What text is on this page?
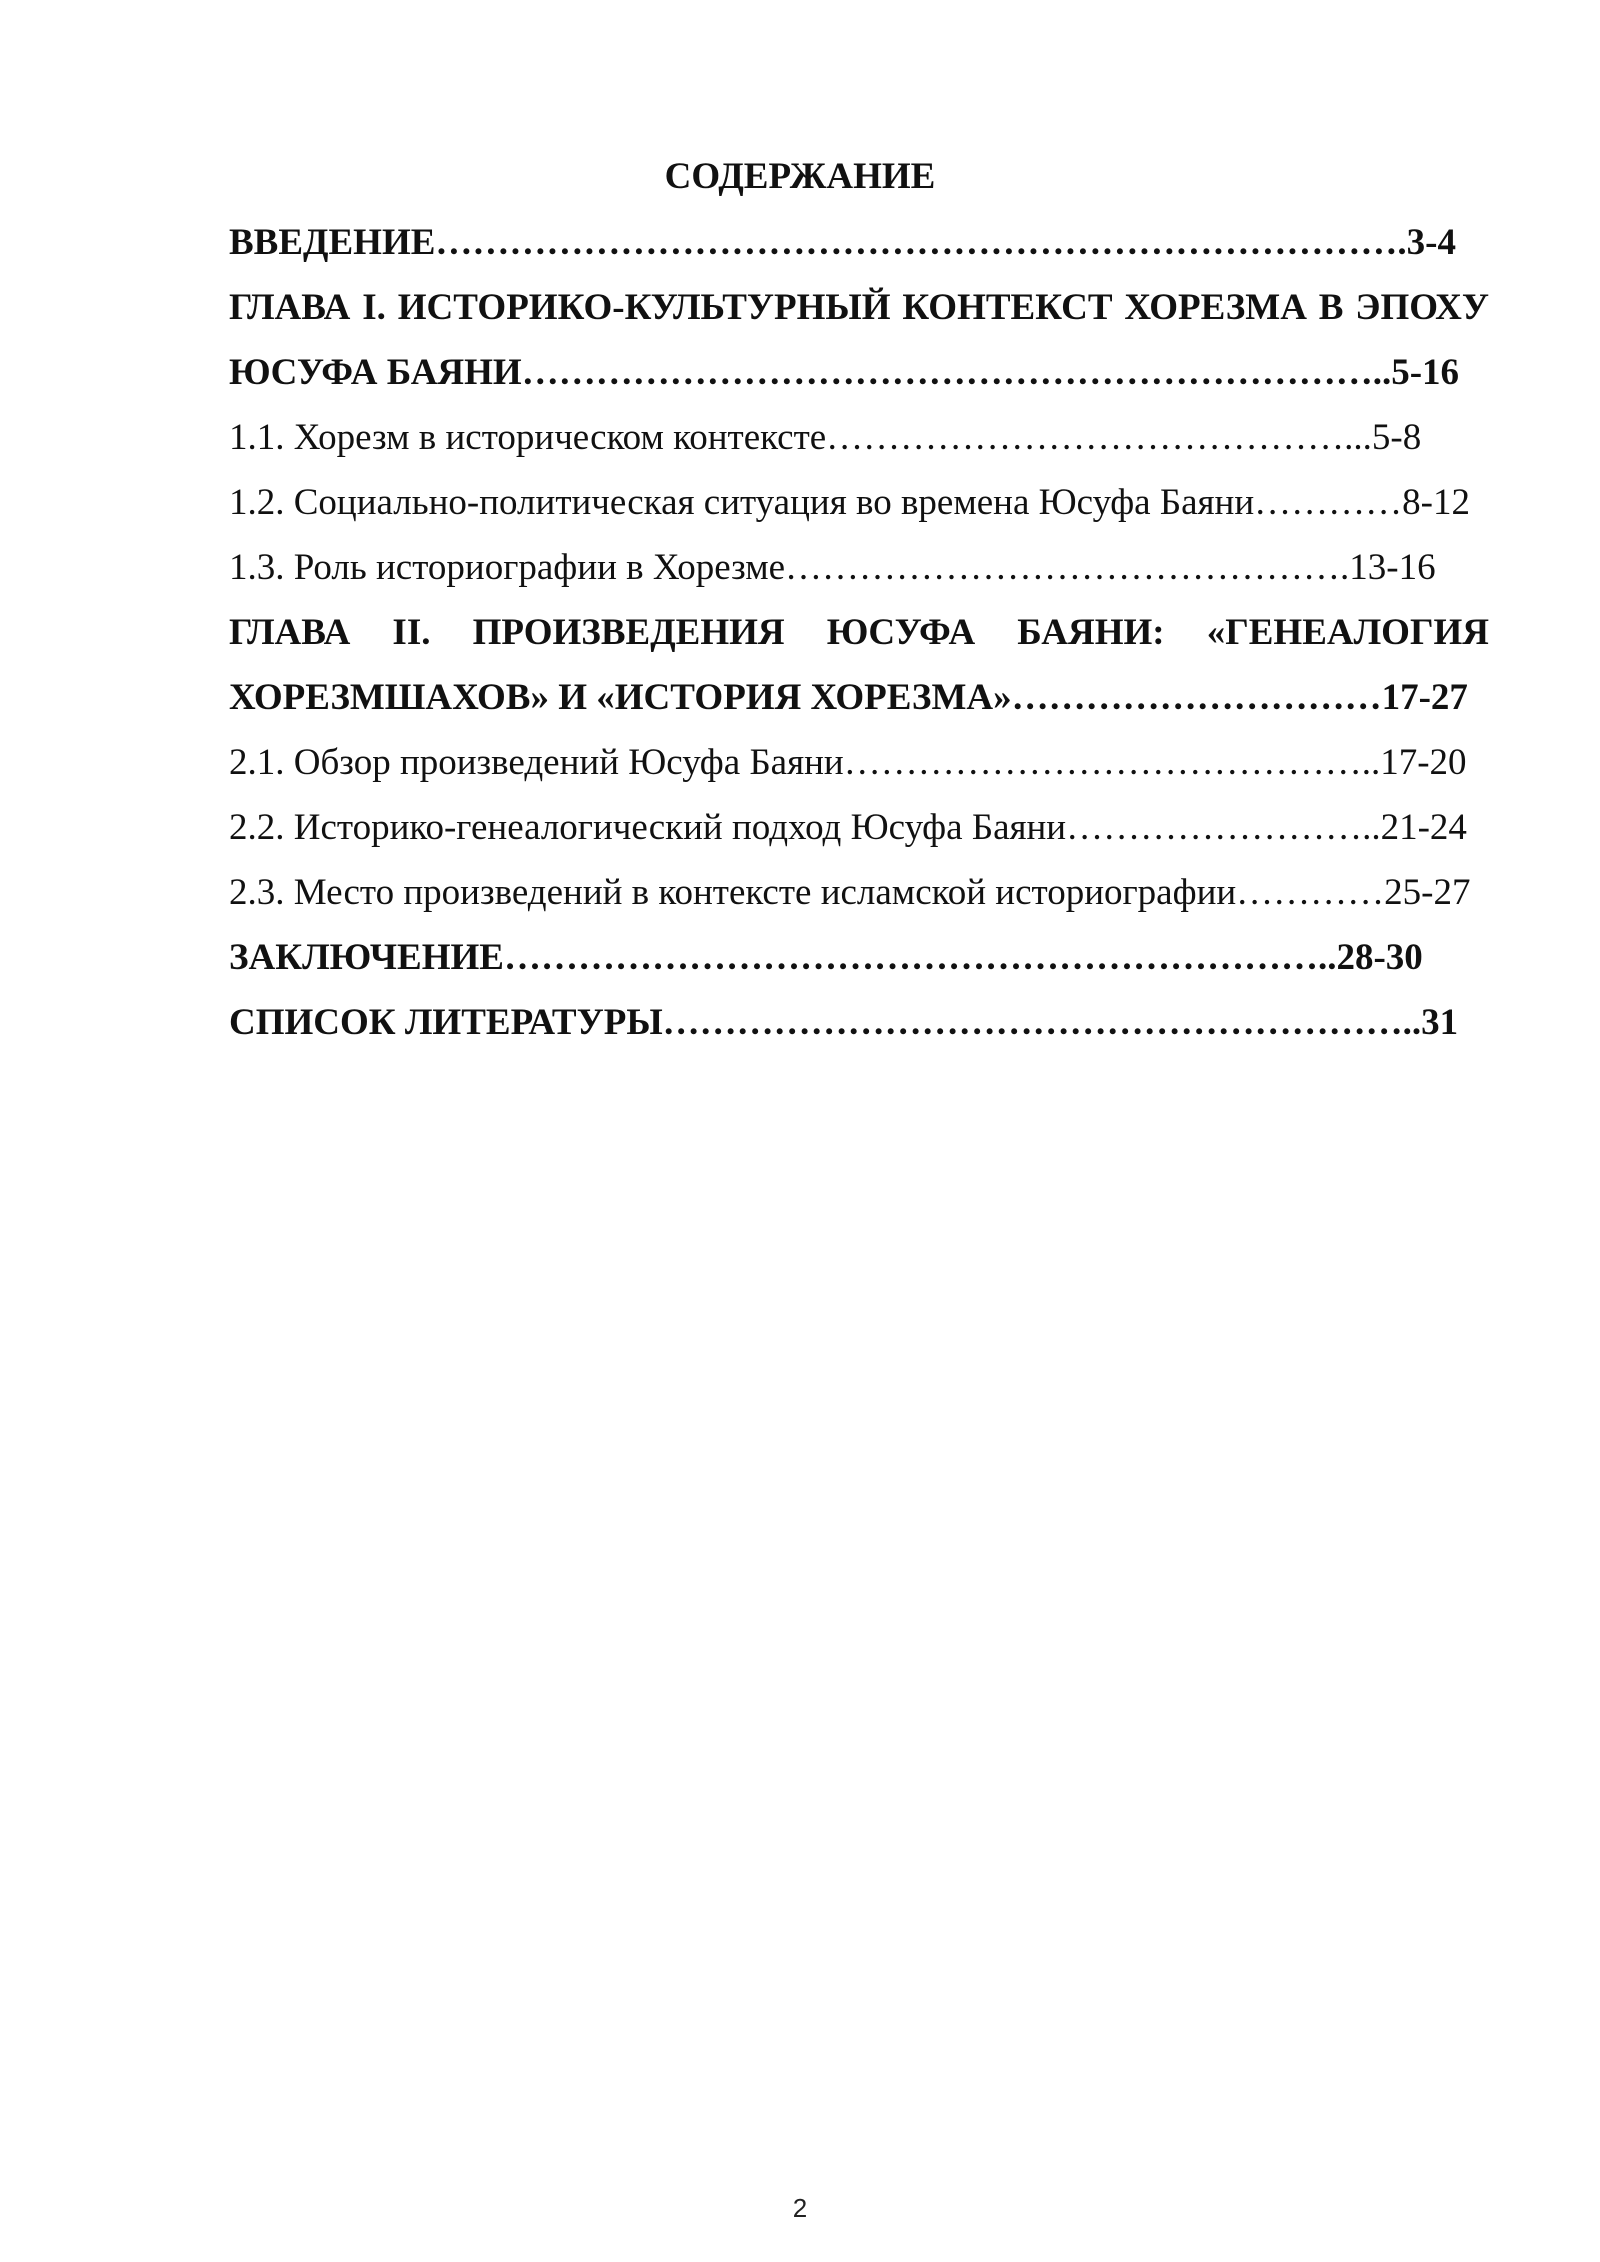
СОДЕРЖАНИЕ
ВВЕДЕНИЕ…………………………………………………………………….3-4
ГЛАВА I. ИСТОРИКО-КУЛЬТУРНЫЙ КОНТЕКСТ ХОРЕЗМА В ЭПОХУ ЮСУФА БАЯНИ……………………………………………………………..5-16
1.1. Хорезм в историческом контексте……………………………………...5-8
1.2. Социально-политическая ситуация во времена Юсуфа Баяни…………8-12
1.3. Роль историографии в Хорезме……………………………………….13-16
ГЛАВА II. ПРОИЗВЕДЕНИЯ ЮСУФА БАЯНИ: «ГЕНЕАЛОГИЯ ХОРЕЗМШАХОВ» И «ИСТОРИЯ ХОРЕЗМА»…………………………17-27
2.1. Обзор произведений Юсуфа Баяни……………………………………..17-20
2.2. Историко-генеалогический подход Юсуфа Баяни……………………..21-24
2.3. Место произведений в контексте исламской историографии…………25-27
ЗАКЛЮЧЕНИЕ…………………………………………………………..28-30
СПИСОК ЛИТЕРАТУРЫ……………………………………………………..31
2
